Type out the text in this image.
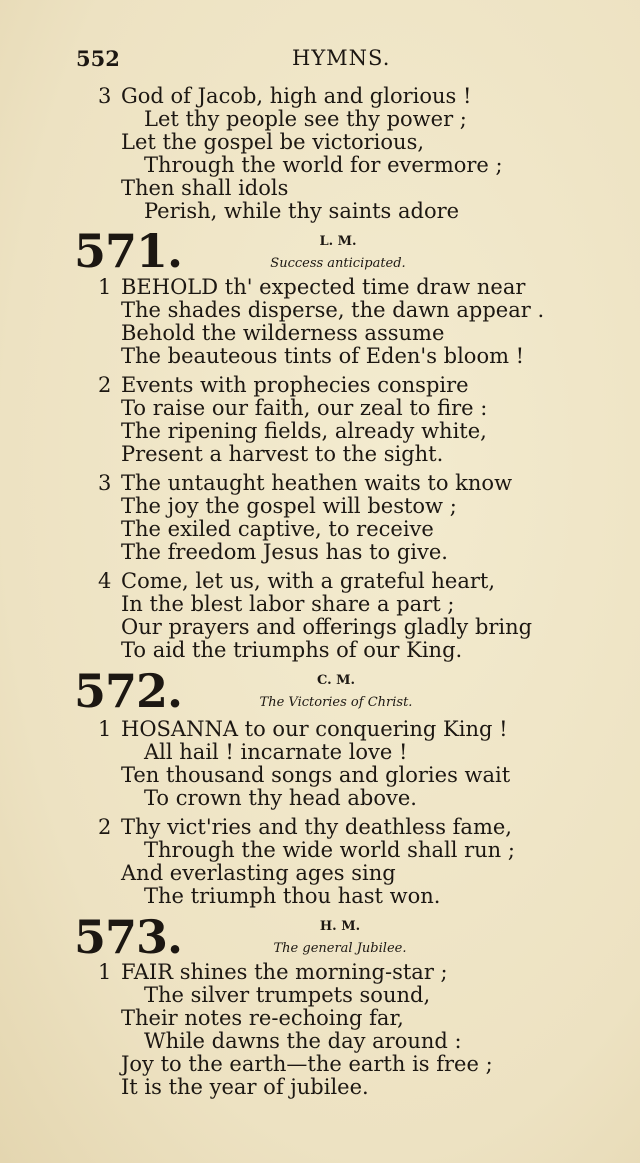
552	HYMNS.
3 God of Jacob, high and glorious !
Let thy people see thy power ;
Let the gospel be victorious,
Through the world for evermore ;
Then shall idols
Perish, while thy saints adore
571.	L. M.
Success anticipated.
1 BEHOLD th' expected time draw near
The shades disperse, the dawn appear .
Behold the wilderness assume
The beauteous tints of Eden's bloom !
2 Events with prophecies conspire
To raise our faith, our zeal to fire :
The ripening fields, already white,
Present a harvest to the sight.
3 The untaught heathen waits to know
The joy the gospel will bestow ;
The exiled captive, to receive
The freedom Jesus has to give.
4 Come, let us, with a grateful heart,
In the blest labor share a part ;
Our prayers and offerings gladly bring
To aid the triumphs of our King.
572.	C. M.
The Victories of Christ.
1 HOSANNA to our conquering King !
All hail ! incarnate love !
Ten thousand songs and glories wait
To crown thy head above.
2 Thy vict'ries and thy deathless fame,
Through the wide world shall run ;
And everlasting ages sing
The triumph thou hast won.
573.	H. M.
The general Jubilee.
1 FAIR shines the morning-star ;
The silver trumpets sound,
Their notes re-echoing far,
While dawns the day around :
Joy to the earth—the earth is free ;
It is the year of jubilee.
